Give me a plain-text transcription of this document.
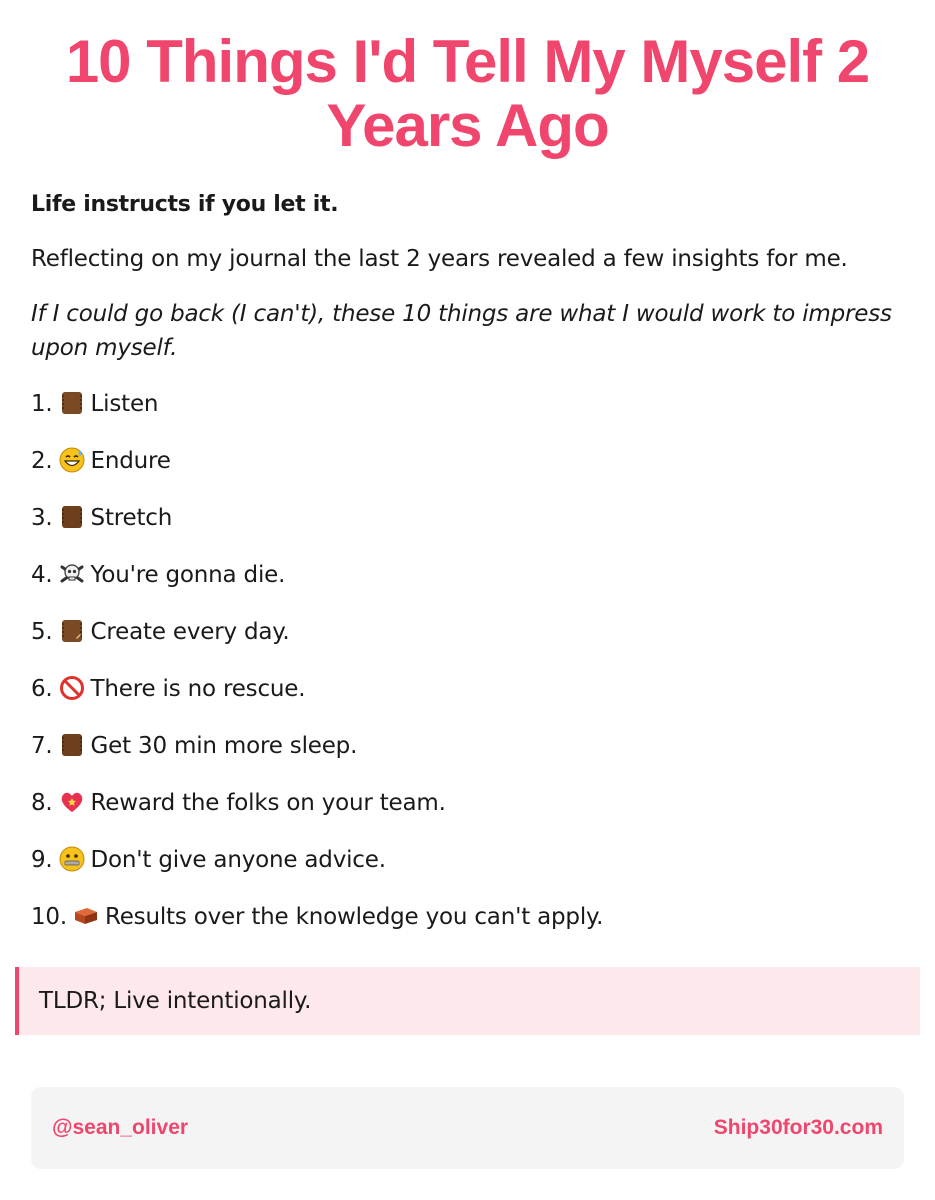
10 Things I'd Tell My Myself 2 Years Ago

Life instructs if you let it.

Reflecting on my journal the last 2 years revealed a few insights for me.

If I could go back (I can't), these 10 things are what I would work to impress upon myself.

1. Listen
2. Endure
3. Stretch
4. You're gonna die.
5. Create every day.
6. There is no rescue.
7. Get 30 min more sleep.
8. Reward the folks on your team.
9. Don't give anyone advice.
10. Results over the knowledge you can't apply.
TLDR; Live intentionally.
@sean_oliver	Ship30for30.com
